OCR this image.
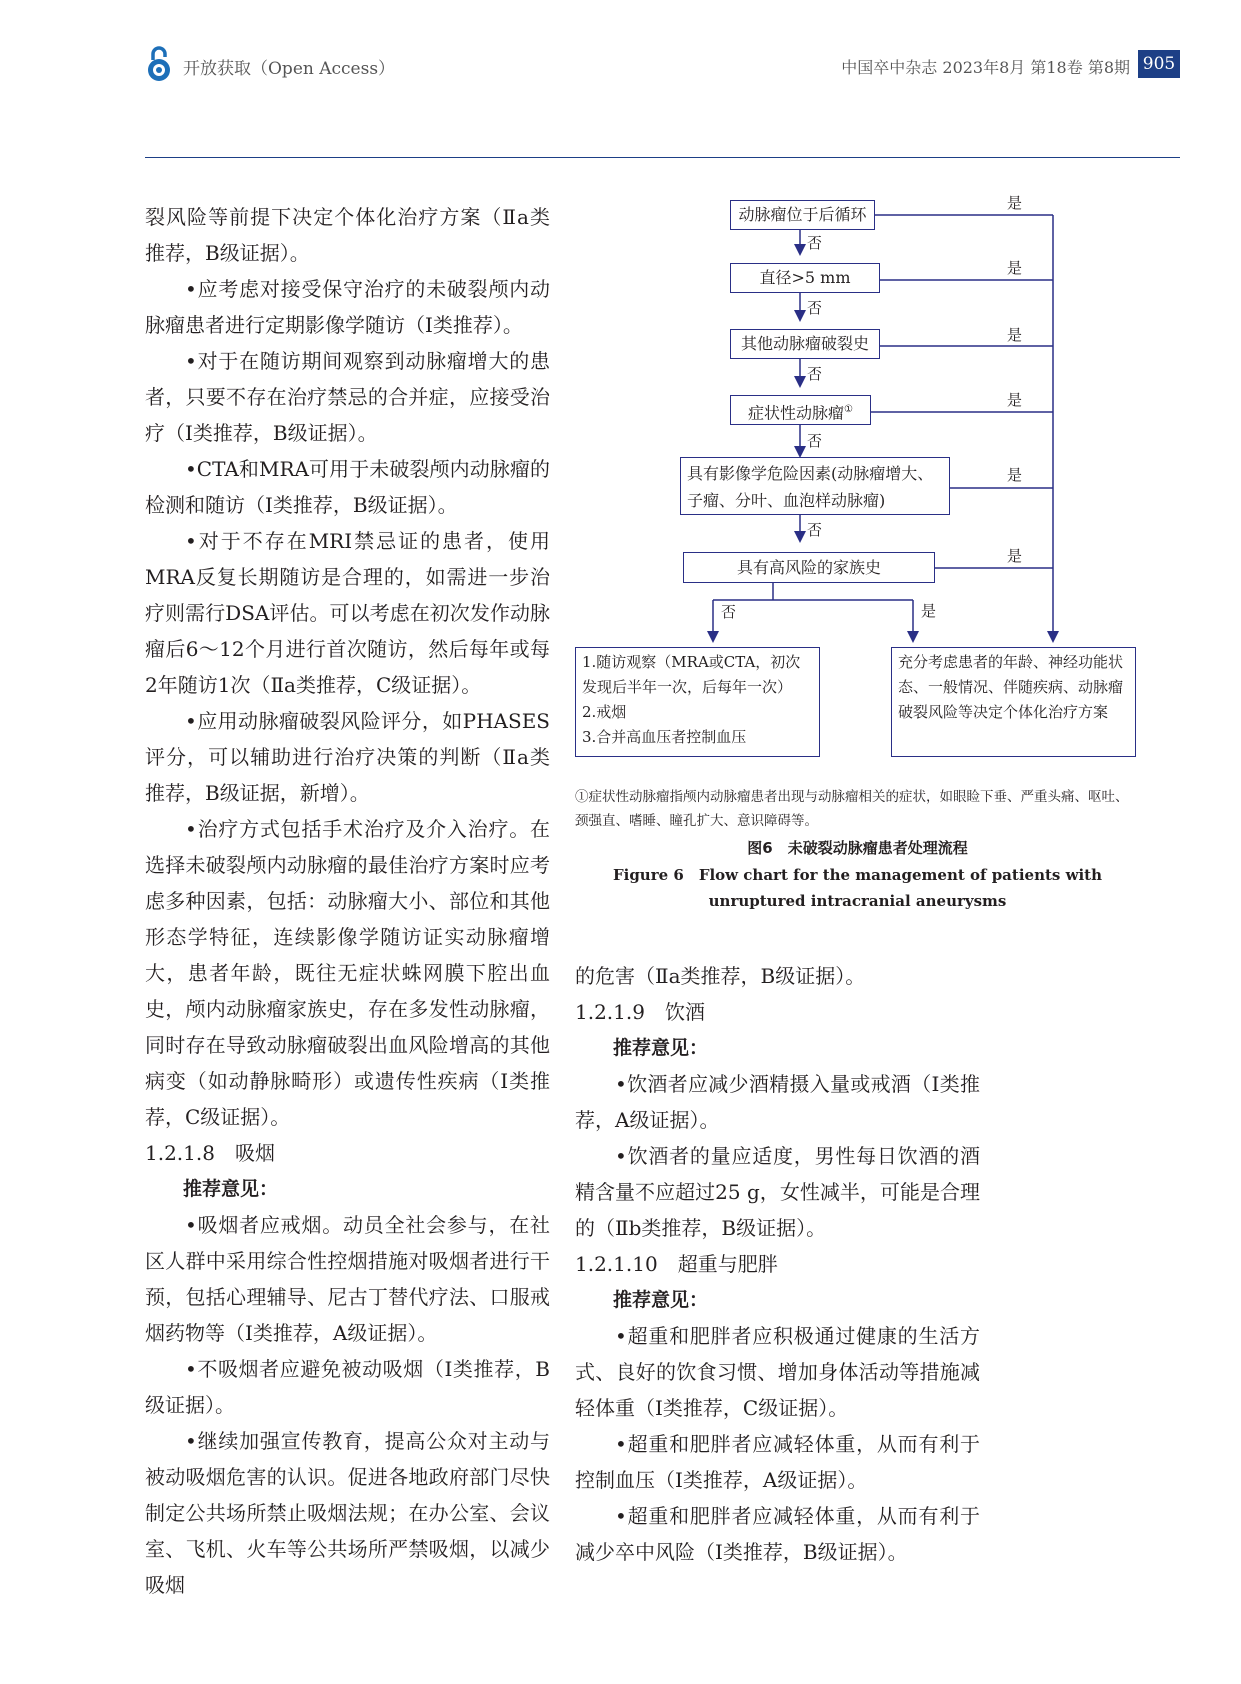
开放获取（Open Access）	中国卒中杂志 2023年8月 第18卷 第8期 905

裂风险等前提下决定个体化治疗方案（Ⅱa类推荐，B级证据）。

•应考虑对接受保守治疗的未破裂颅内动脉瘤患者进行定期影像学随访（Ⅰ类推荐）。

•对于在随访期间观察到动脉瘤增大的患者，只要不存在治疗禁忌的合并症，应接受治疗（Ⅰ类推荐，B级证据）。

•CTA和MRA可用于未破裂颅内动脉瘤的检测和随访（Ⅰ类推荐，B级证据）。

•对于不存在MRI禁忌证的患者，使用MRA反复长期随访是合理的，如需进一步治疗则需行DSA评估。可以考虑在初次发作动脉瘤后6～12个月进行首次随访，然后每年或每2年随访1次（Ⅱa类推荐，C级证据）。

•应用动脉瘤破裂风险评分，如PHASES评分，可以辅助进行治疗决策的判断（Ⅱa类推荐，B级证据，新增）。

•治疗方式包括手术治疗及介入治疗。在选择未破裂颅内动脉瘤的最佳治疗方案时应考虑多种因素，包括：动脉瘤大小、部位和其他形态学特征，连续影像学随访证实动脉瘤增大，患者年龄，既往无症状蛛网膜下腔出血史，颅内动脉瘤家族史，存在多发性动脉瘤，同时存在导致动脉瘤破裂出血风险增高的其他病变（如动静脉畸形）或遗传性疾病（Ⅰ类推荐，C级证据）。

1.2.1.8　吸烟

推荐意见：

•吸烟者应戒烟。动员全社会参与，在社区人群中采用综合性控烟措施对吸烟者进行干预，包括心理辅导、尼古丁替代疗法、口服戒烟药物等（Ⅰ类推荐，A级证据）。

•不吸烟者应避免被动吸烟（Ⅰ类推荐，B级证据）。

•继续加强宣传教育，提高公众对主动与被动吸烟危害的认识。促进各地政府部门尽快制定公共场所禁止吸烟法规；在办公室、会议室、飞机、火车等公共场所严禁吸烟，以减少吸烟

动脉瘤位于后循环
直径>5 mm
其他动脉瘤破裂史
症状性动脉瘤①
具有影像学危险因素(动脉瘤增大、子瘤、分叶、血泡样动脉瘤)
具有高风险的家族史
1.随访观察（MRA或CTA，初次发现后半年一次，后每年一次）
2.戒烟
3.合并高血压者控制血压
充分考虑患者的年龄、神经功能状态、一般情况、伴随疾病、动脉瘤破裂风险等决定个体化治疗方案
是
是
是
是
是
是
是
否
否
否
否
否
否
①症状性动脉瘤指颅内动脉瘤患者出现与动脉瘤相关的症状，如眼睑下垂、严重头痛、呕吐、颈强直、嗜睡、瞳孔扩大、意识障碍等。
图6　未破裂动脉瘤患者处理流程
Figure 6　Flow chart for the management of patients with unruptured intracranial aneurysms

的危害（Ⅱa类推荐，B级证据）。

1.2.1.9　饮酒

推荐意见：

•饮酒者应减少酒精摄入量或戒酒（Ⅰ类推荐，A级证据）。

•饮酒者的量应适度，男性每日饮酒的酒精含量不应超过25 g，女性减半，可能是合理的（Ⅱb类推荐，B级证据）。

1.2.1.10　超重与肥胖

推荐意见：

•超重和肥胖者应积极通过健康的生活方式、良好的饮食习惯、增加身体活动等措施减轻体重（Ⅰ类推荐，C级证据）。

•超重和肥胖者应减轻体重，从而有利于控制血压（Ⅰ类推荐，A级证据）。

•超重和肥胖者应减轻体重，从而有利于减少卒中风险（Ⅰ类推荐，B级证据）。
